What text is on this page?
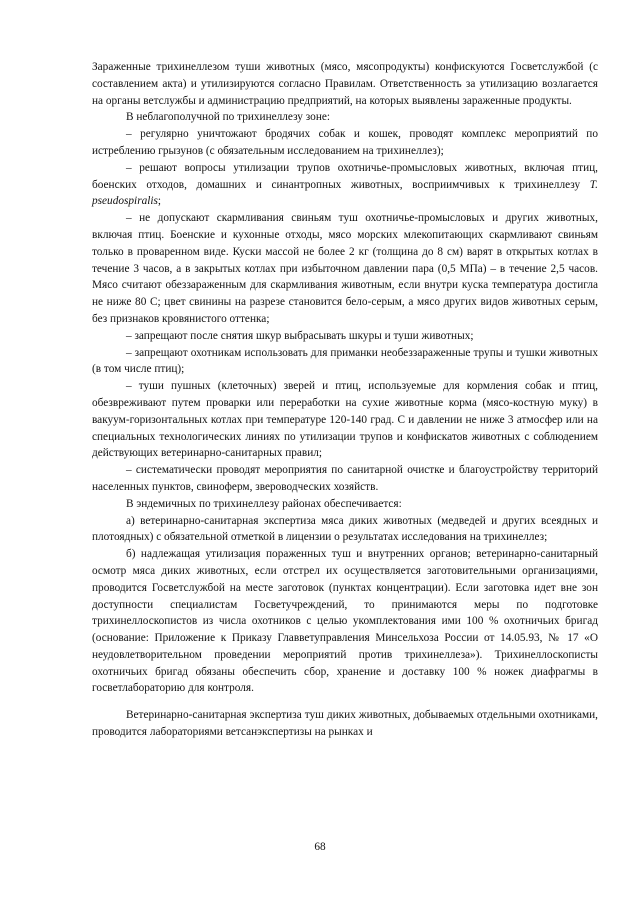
Зараженные трихинеллезом туши животных (мясо, мясопродукты) конфискуются Госветслужбой (с составлением акта) и утилизируются согласно Правилам. Ответственность за утилизацию возлагается на органы ветслужбы и администрацию предприятий, на которых выявлены зараженные продукты.

В неблагополучной по трихинеллезу зоне:

– регулярно уничтожают бродячих собак и кошек, проводят комплекс мероприятий по истреблению грызунов (с обязательным исследованием на трихинеллез);

– решают вопросы утилизации трупов охотничье-промысловых животных, включая птиц, боенских отходов, домашних и синантропных животных, восприимчивых к трихинеллезу T. pseudospiralis;

– не допускают скармливания свиньям туш охотничье-промысловых и других животных, включая птиц. Боенские и кухонные отходы, мясо морских млекопитающих скармливают свиньям только в проваренном виде. Куски массой не более 2 кг (толщина до 8 см) варят в открытых котлах в течение 3 часов, а в закрытых котлах при избыточном давлении пара (0,5 МПа) – в течение 2,5 часов. Мясо считают обеззараженным для скармливания животным, если внутри куска температура достигла не ниже 80 С; цвет свинины на разрезе становится бело-серым, а мясо других видов животных серым, без признаков кровянистого оттенка;

– запрещают после снятия шкур выбрасывать шкуры и туши животных;

– запрещают охотникам использовать для приманки необеззараженные трупы и тушки животных (в том числе птиц);

– туши пушных (клеточных) зверей и птиц, используемые для кормления собак и птиц, обезвреживают путем проварки или переработки на сухие животные корма (мясо-костную муку) в вакуум-горизонтальных котлах при температуре 120-140 град. С и давлении не ниже 3 атмосфер или на специальных технологических линиях по утилизации трупов и конфискатов животных с соблюдением действующих ветеринарно-санитарных правил;

– систематически проводят мероприятия по санитарной очистке и благоустройству территорий населенных пунктов, свиноферм, звероводческих хозяйств.

В эндемичных по трихинеллезу районах обеспечивается:

а) ветеринарно-санитарная экспертиза мяса диких животных (медведей и других всеядных и плотоядных) с обязательной отметкой в лицензии о результатах исследования на трихинеллез;

б) надлежащая утилизация пораженных туш и внутренних органов; ветеринарно-санитарный осмотр мяса диких животных, если отстрел их осуществляется заготовительными организациями, проводится Госветслужбой на месте заготовок (пунктах концентрации). Если заготовка идет вне зон доступности специалистам Госветучреждений, то принимаются меры по подготовке трихинеллоскопистов из числа охотников с целью укомплектования ими 100 % охотничьих бригад (основание: Приложение к Приказу Главветуправления Минсельхоза России от 14.05.93, № 17 «О неудовлетворительном проведении мероприятий против трихинеллеза»). Трихинеллоскописты охотничьих бригад обязаны обеспечить сбор, хранение и доставку 100 % ножек диафрагмы в госветлабораторию для контроля.

Ветеринарно-санитарная экспертиза туш диких животных, добываемых отдельными охотниками, проводится лабораториями ветсанэкспертизы на рынках и

68
